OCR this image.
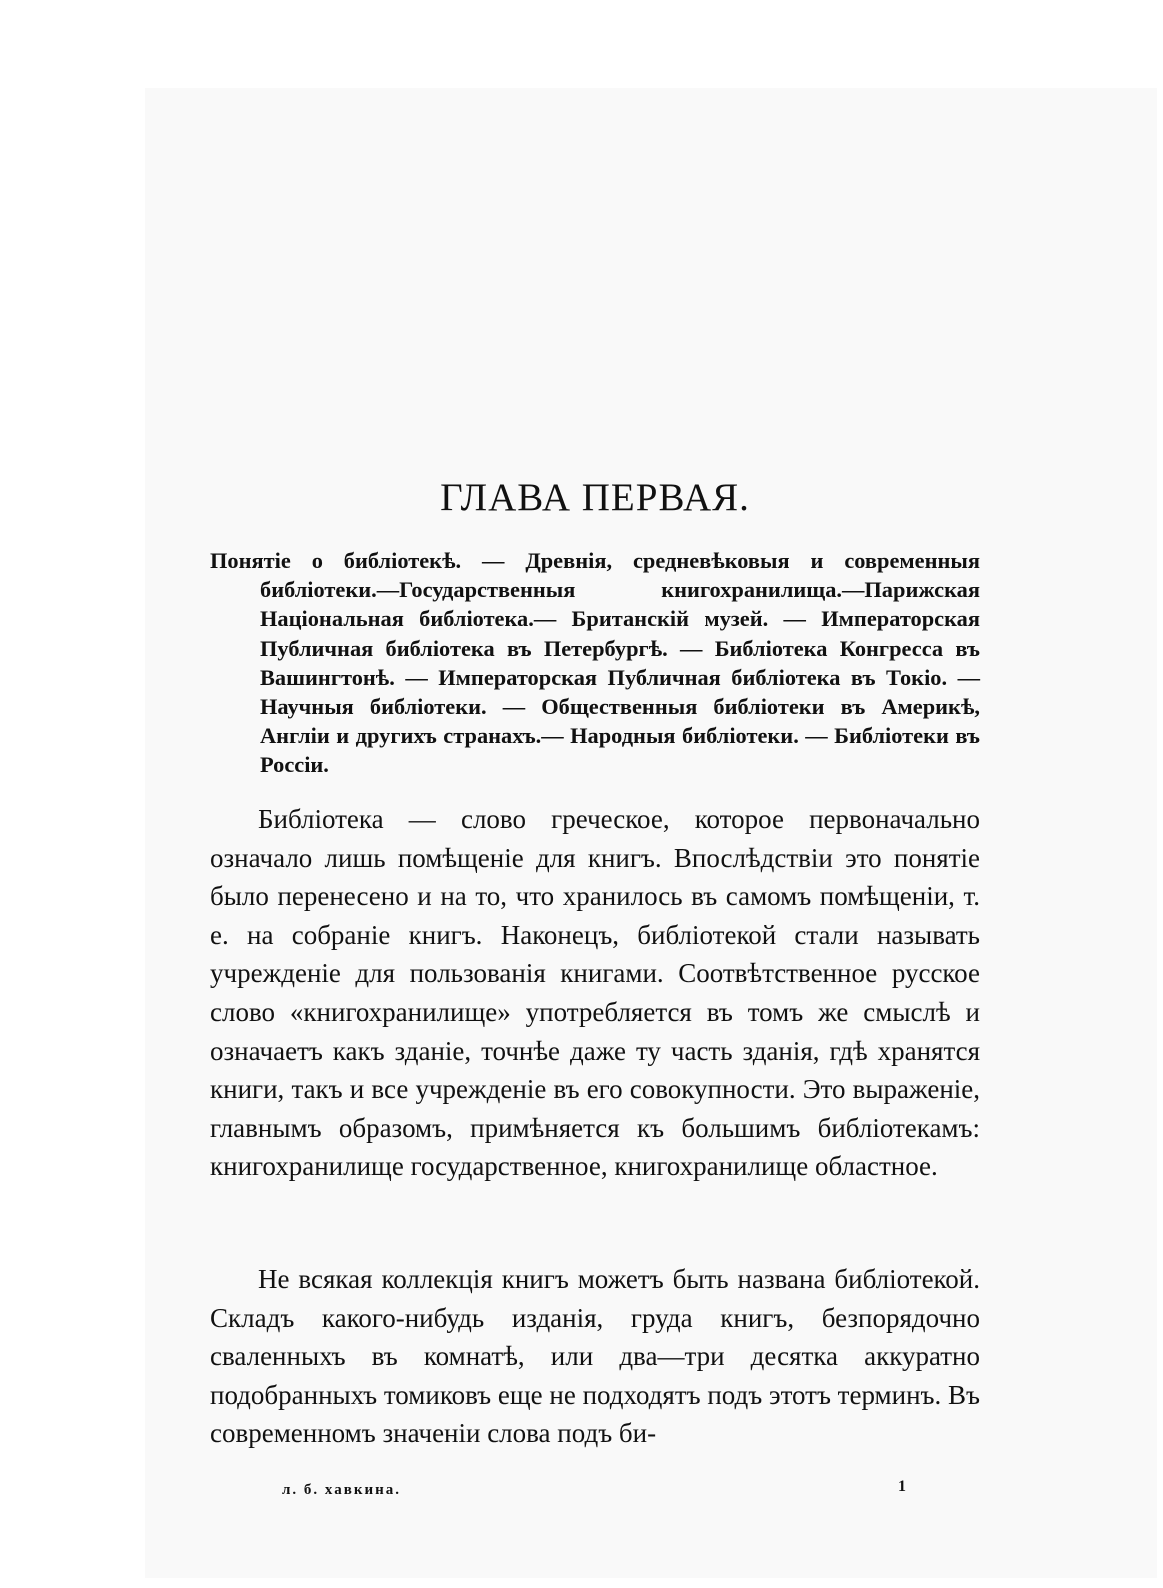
ГЛАВА ПЕРВАЯ.

Понятіе о библіотекѣ. — Древнія, средневѣковыя и современныя библіотеки.—Государственныя книгохранилища.—Парижская Національная библіотека.— Британскій музей. — Императорская Публичная библіотека въ Петербургѣ. — Библіотека Конгресса въ Вашингтонѣ. — Императорская Публичная библіотека въ Токіо. — Научныя библіотеки. — Общественныя библіотеки въ Америкѣ, Англіи и другихъ странахъ.— Народныя библіотеки. — Библіотеки въ Россіи.

Библіотека — слово греческое, которое первоначально означало лишь помѣщеніе для книгъ. Впослѣдствіи это понятіе было перенесено и на то, что хранилось въ самомъ помѣщеніи, т. е. на собраніе книгъ. Наконецъ, библіотекой стали называть учрежденіе для пользованія книгами. Соотвѣтственное русское слово «книгохранилище» употребляется въ томъ же смыслѣ и означаетъ какъ зданіе, точнѣе даже ту часть зданія, гдѣ хранятся книги, такъ и все учрежденіе въ его совокупности. Это выраженіе, главнымъ образомъ, примѣняется къ большимъ библіотекамъ: книгохранилище государственное, книгохранилище областное.

Не всякая коллекція книгъ можетъ быть названа библіотекой. Складъ какого-нибудь изданія, груда книгъ, безпорядочно сваленныхъ въ комнатѣ, или два—три десятка аккуратно подобранныхъ томиковъ еще не подходятъ подъ этотъ терминъ. Въ современномъ значеніи слова подъ би-

л. б. хавкина.	1
